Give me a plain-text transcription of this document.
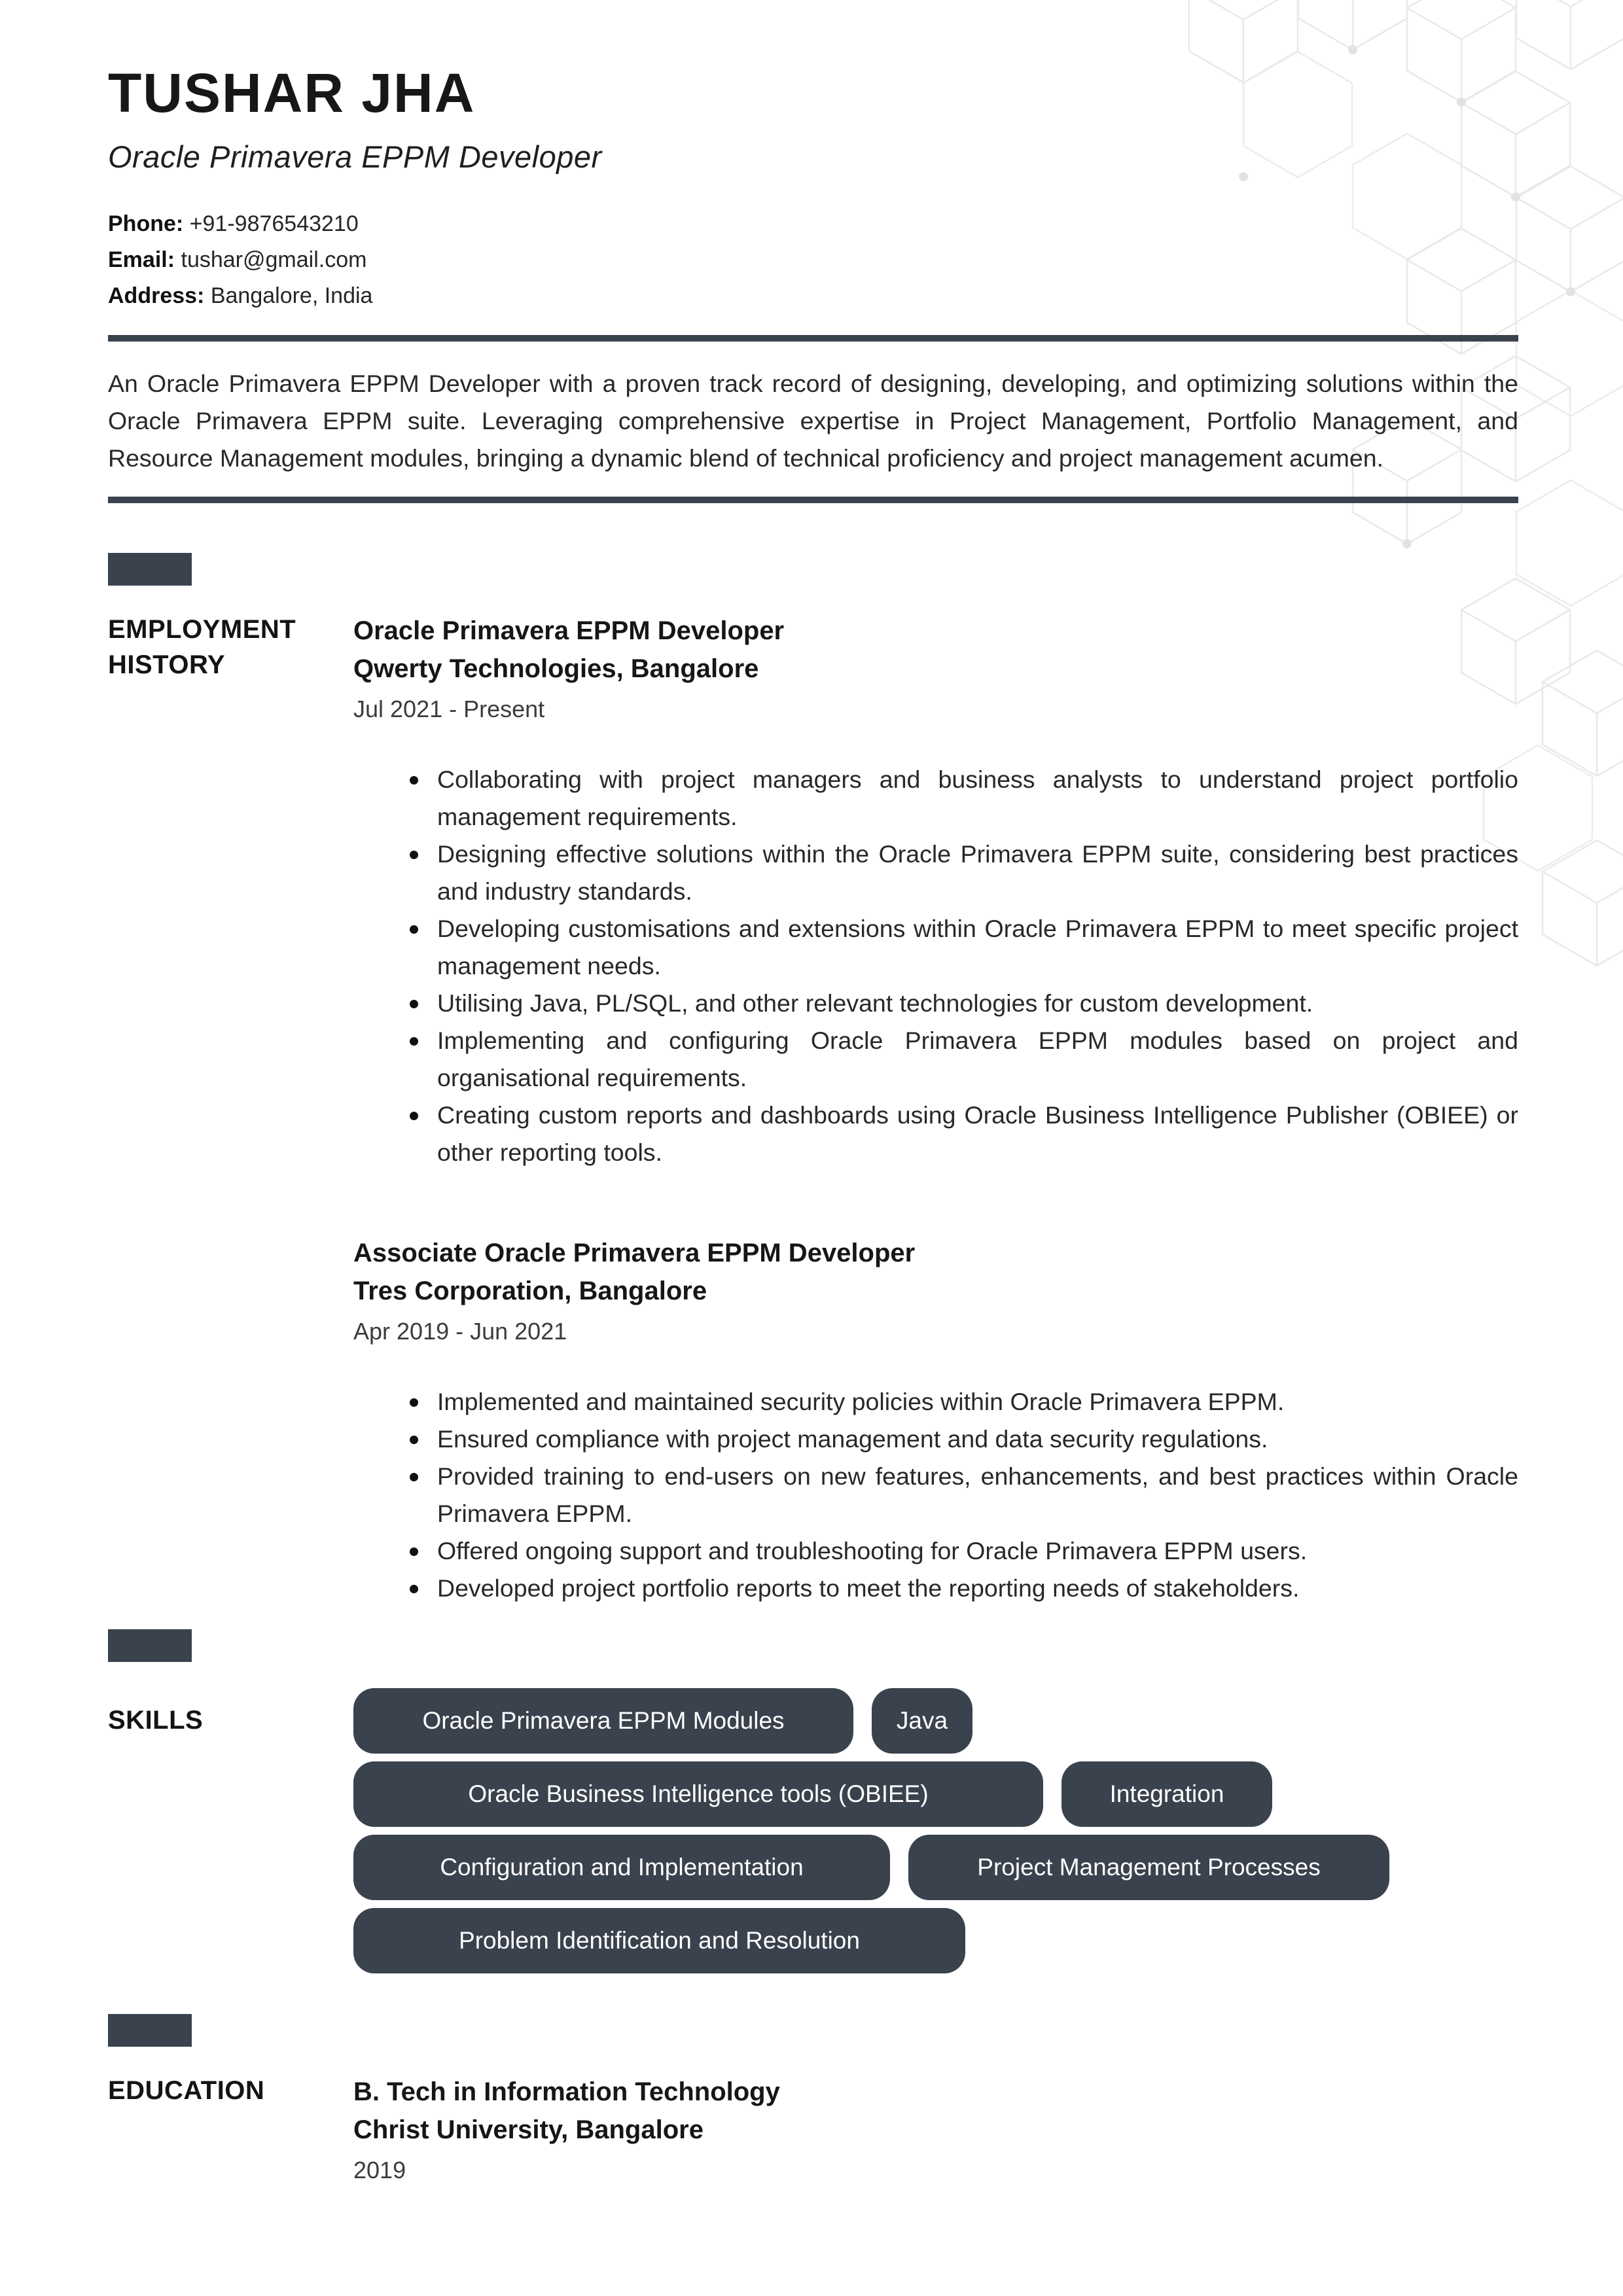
TUSHAR JHA
Oracle Primavera EPPM Developer
Phone: +91-9876543210
Email: tushar@gmail.com
Address: Bangalore, India

An Oracle Primavera EPPM Developer with a proven track record of designing, developing, and optimizing solutions within the Oracle Primavera EPPM suite. Leveraging comprehensive expertise in Project Management, Portfolio Management, and Resource Management modules, bringing a dynamic blend of technical proficiency and project management acumen.

EMPLOYMENT HISTORY
Oracle Primavera EPPM Developer
Qwerty Technologies, Bangalore
Jul 2021 - Present
Collaborating with project managers and business analysts to understand project portfolio management requirements.
Designing effective solutions within the Oracle Primavera EPPM suite, considering best practices and industry standards.
Developing customisations and extensions within Oracle Primavera EPPM to meet specific project management needs.
Utilising Java, PL/SQL, and other relevant technologies for custom development.
Implementing and configuring Oracle Primavera EPPM modules based on project and organisational requirements.
Creating custom reports and dashboards using Oracle Business Intelligence Publisher (OBIEE) or other reporting tools.
Associate Oracle Primavera EPPM Developer
Tres Corporation, Bangalore
Apr 2019 - Jun 2021
Implemented and maintained security policies within Oracle Primavera EPPM.
Ensured compliance with project management and data security regulations.
Provided training to end-users on new features, enhancements, and best practices within Oracle Primavera EPPM.
Offered ongoing support and troubleshooting for Oracle Primavera EPPM users.
Developed project portfolio reports to meet the reporting needs of stakeholders.
SKILLS	Oracle Primavera EPPM Modules	Java
Oracle Business Intelligence tools (OBIEE)	Integration
Configuration and Implementation	Project Management Processes
Problem Identification and Resolution
EDUCATION	B. Tech in Information Technology
Christ University, Bangalore
2019
